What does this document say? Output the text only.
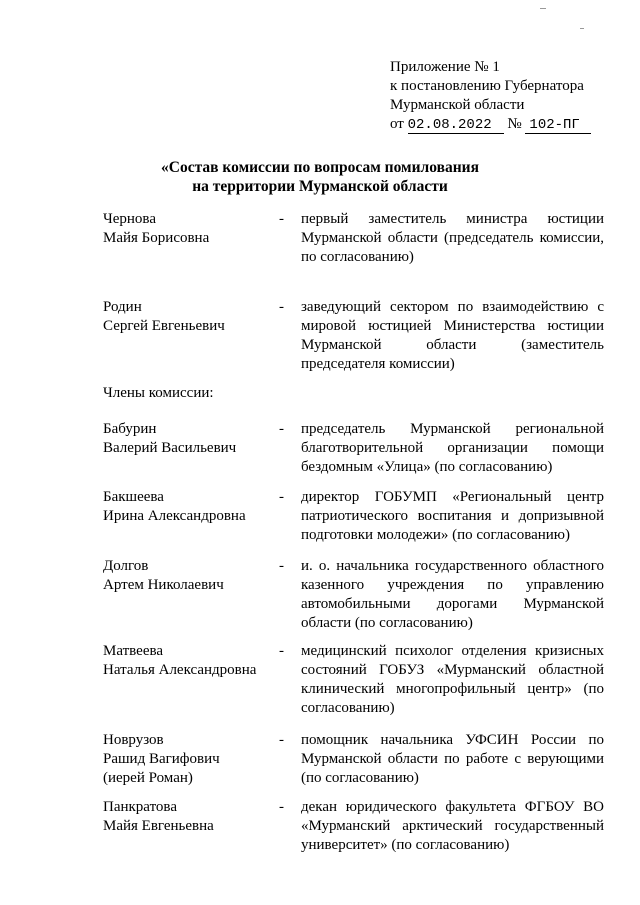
Приложение № 1
к постановлению Губернатора
Мурманской области
от 02.08.2022 № 102-ПГ
«Состав комиссии по вопросам помилования
на территории Мурманской области
Члены комиссии:
Чернова
Майя Борисовна
- первый заместитель министра юстиции Мурманской области (председатель комиссии, по согласованию)
Родин
Сергей Евгеньевич
- заведующий сектором по взаимодействию с мировой юстицией Министерства юстиции Мурманской области (заместитель председателя комиссии)
Бабурин
Валерий Васильевич
- председатель Мурманской региональной благотворительной организации помощи бездомным «Улица» (по согласованию)
Бакшеева
Ирина Александровна
- директор ГОБУМП «Региональный центр патриотического воспитания и допризывной подготовки молодежи» (по согласованию)
Долгов
Артем Николаевич
- и. о. начальника государственного областного казенного учреждения по управлению автомобильными дорогами Мурманской области (по согласованию)
Матвеева
Наталья Александровна
- медицинский психолог отделения кризисных состояний ГОБУЗ «Мурманский областной клинический многопрофильный центр» (по согласованию)
Новрузов
Рашид Вагифович
(иерей Роман)
- помощник начальника УФСИН России по Мурманской области по работе с верующими (по согласованию)
Панкратова
Майя Евгеньевна
- декан юридического факультета ФГБОУ ВО «Мурманский арктический государственный университет» (по согласованию)
